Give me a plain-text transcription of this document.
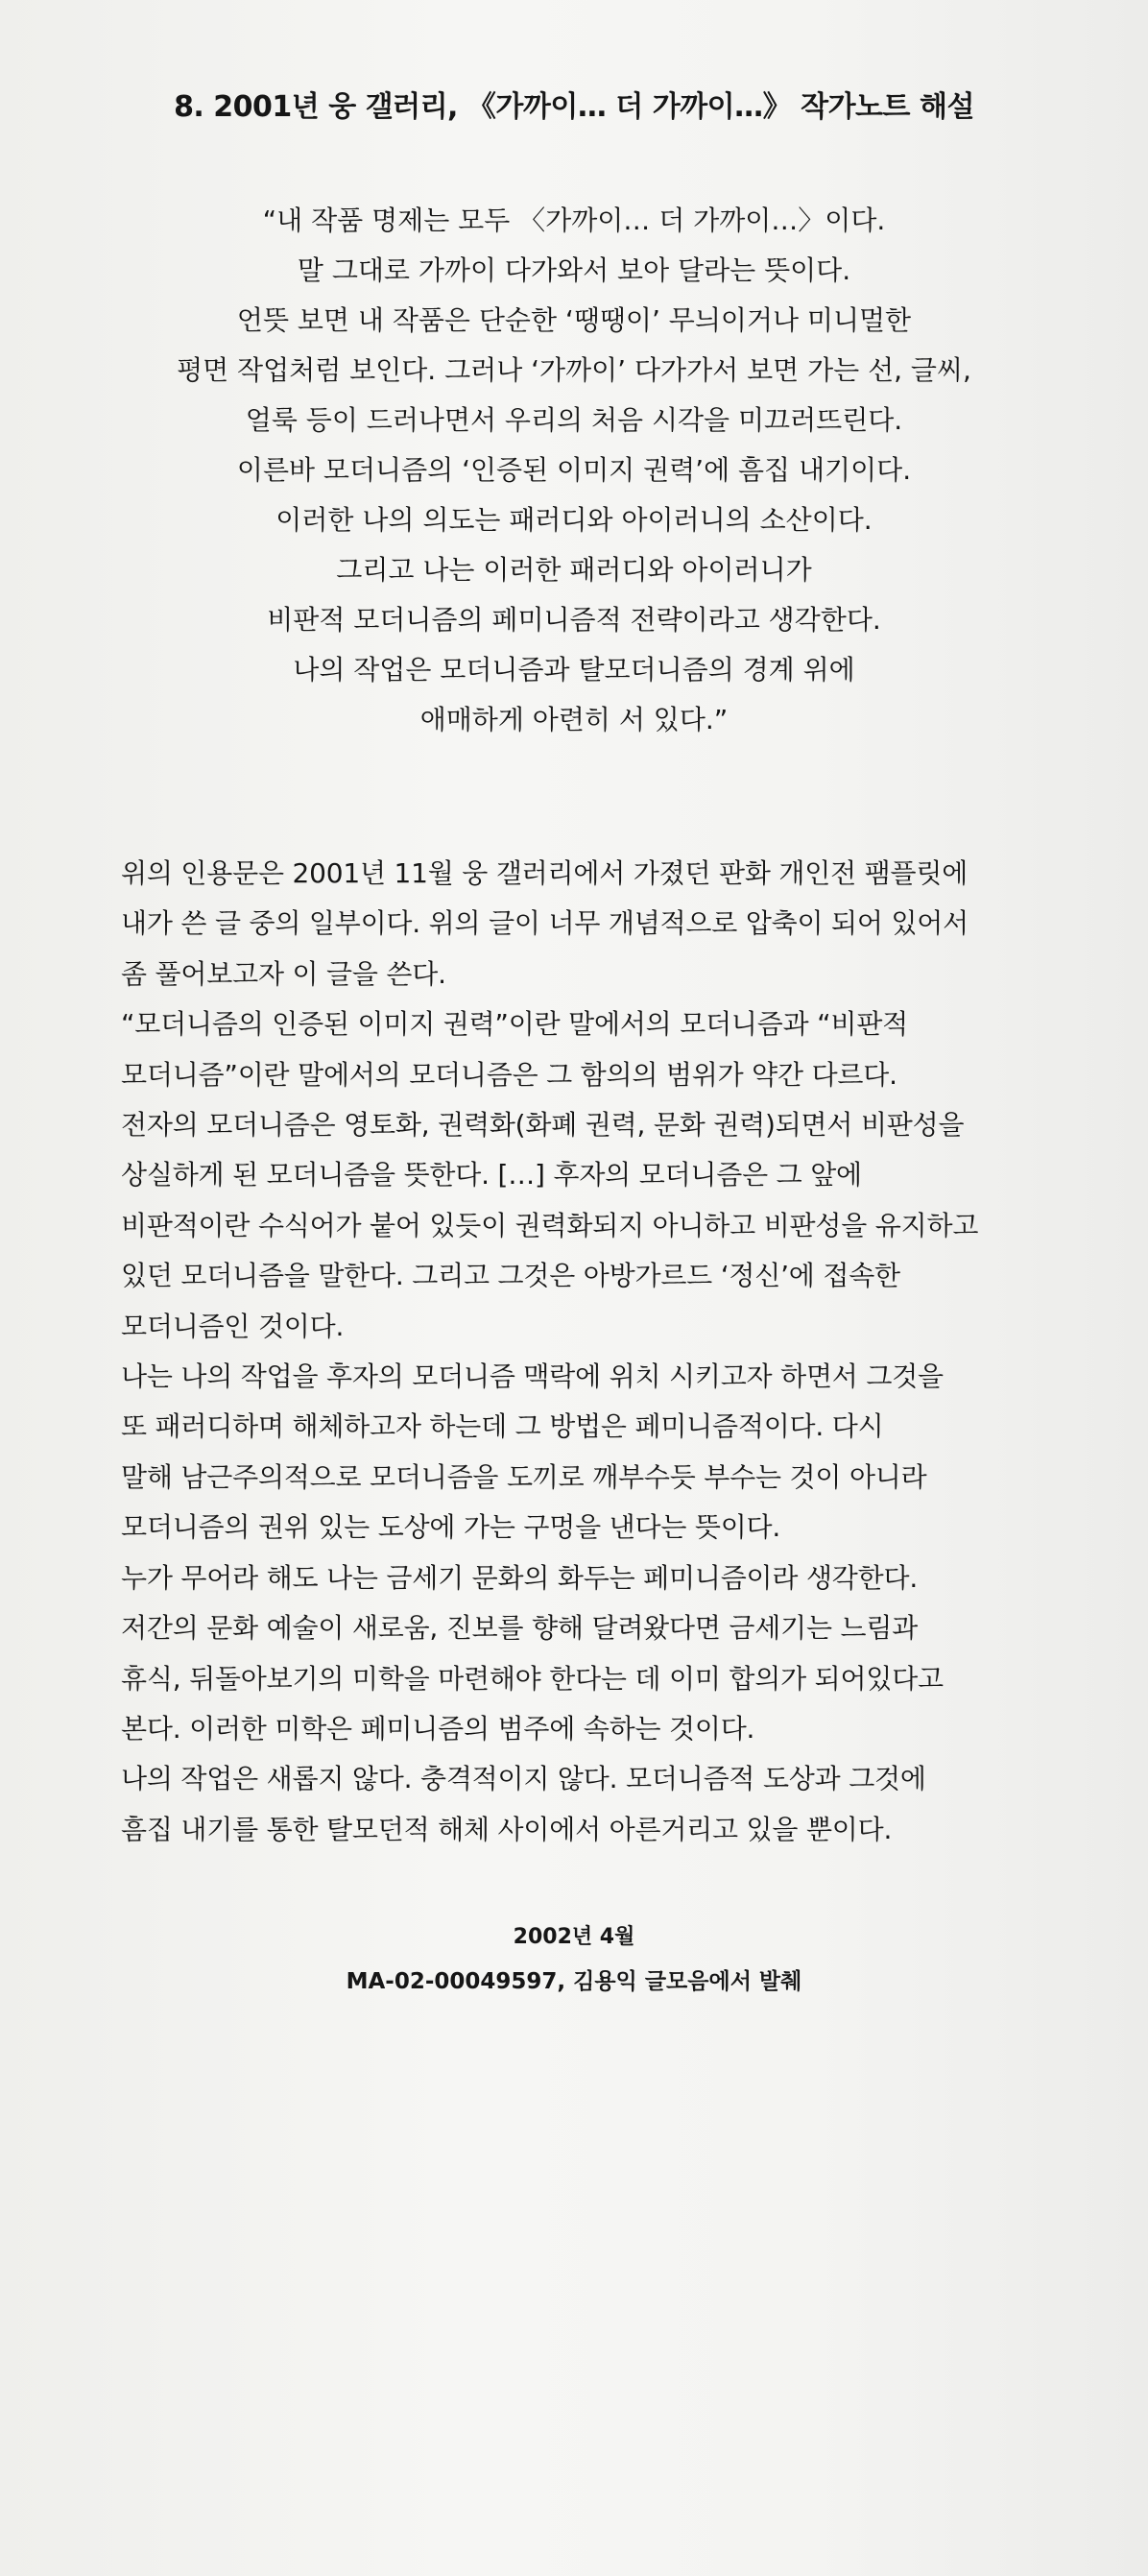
8. 2001년 웅 갤러리, 《가까이… 더 가까이…》 작가노트 해설
“내 작품 명제는 모두 〈가까이… 더 가까이…〉이다.
말 그대로 가까이 다가와서 보아 달라는 뜻이다.
언뜻 보면 내 작품은 단순한 ‘땡땡이’ 무늬이거나 미니멀한
평면 작업처럼 보인다. 그러나 ‘가까이’ 다가가서 보면 가는 선, 글씨,
얼룩 등이 드러나면서 우리의 처음 시각을 미끄러뜨린다.
이른바 모더니즘의 ‘인증된 이미지 권력’에 흠집 내기이다.
이러한 나의 의도는 패러디와 아이러니의 소산이다.
그리고 나는 이러한 패러디와 아이러니가
비판적 모더니즘의 페미니즘적 전략이라고 생각한다.
나의 작업은 모더니즘과 탈모더니즘의 경계 위에
애매하게 아련히 서 있다.”
위의 인용문은 2001년 11월 웅 갤러리에서 가졌던 판화 개인전 팸플릿에
내가 쓴 글 중의 일부이다. 위의 글이 너무 개념적으로 압축이 되어 있어서
좀 풀어보고자 이 글을 쓴다.
“모더니즘의 인증된 이미지 권력”이란 말에서의 모더니즘과 “비판적
모더니즘”이란 말에서의 모더니즘은 그 함의의 범위가 약간 다르다.
전자의 모더니즘은 영토화, 권력화(화폐 권력, 문화 권력)되면서 비판성을
상실하게 된 모더니즘을 뜻한다. […] 후자의 모더니즘은 그 앞에
비판적이란 수식어가 붙어 있듯이 권력화되지 아니하고 비판성을 유지하고
있던 모더니즘을 말한다. 그리고 그것은 아방가르드 ‘정신’에 접속한
모더니즘인 것이다.
나는 나의 작업을 후자의 모더니즘 맥락에 위치 시키고자 하면서 그것을
또 패러디하며 해체하고자 하는데 그 방법은 페미니즘적이다. 다시
말해 남근주의적으로 모더니즘을 도끼로 깨부수듯 부수는 것이 아니라
모더니즘의 권위 있는 도상에 가는 구멍을 낸다는 뜻이다.
누가 무어라 해도 나는 금세기 문화의 화두는 페미니즘이라 생각한다.
저간의 문화 예술이 새로움, 진보를 향해 달려왔다면 금세기는 느림과
휴식, 뒤돌아보기의 미학을 마련해야 한다는 데 이미 합의가 되어있다고
본다. 이러한 미학은 페미니즘의 범주에 속하는 것이다.
나의 작업은 새롭지 않다. 충격적이지 않다. 모더니즘적 도상과 그것에
흠집 내기를 통한 탈모던적 해체 사이에서 아른거리고 있을 뿐이다.
2002년 4월
MA-02-00049597, 김용익 글모음에서 발췌
